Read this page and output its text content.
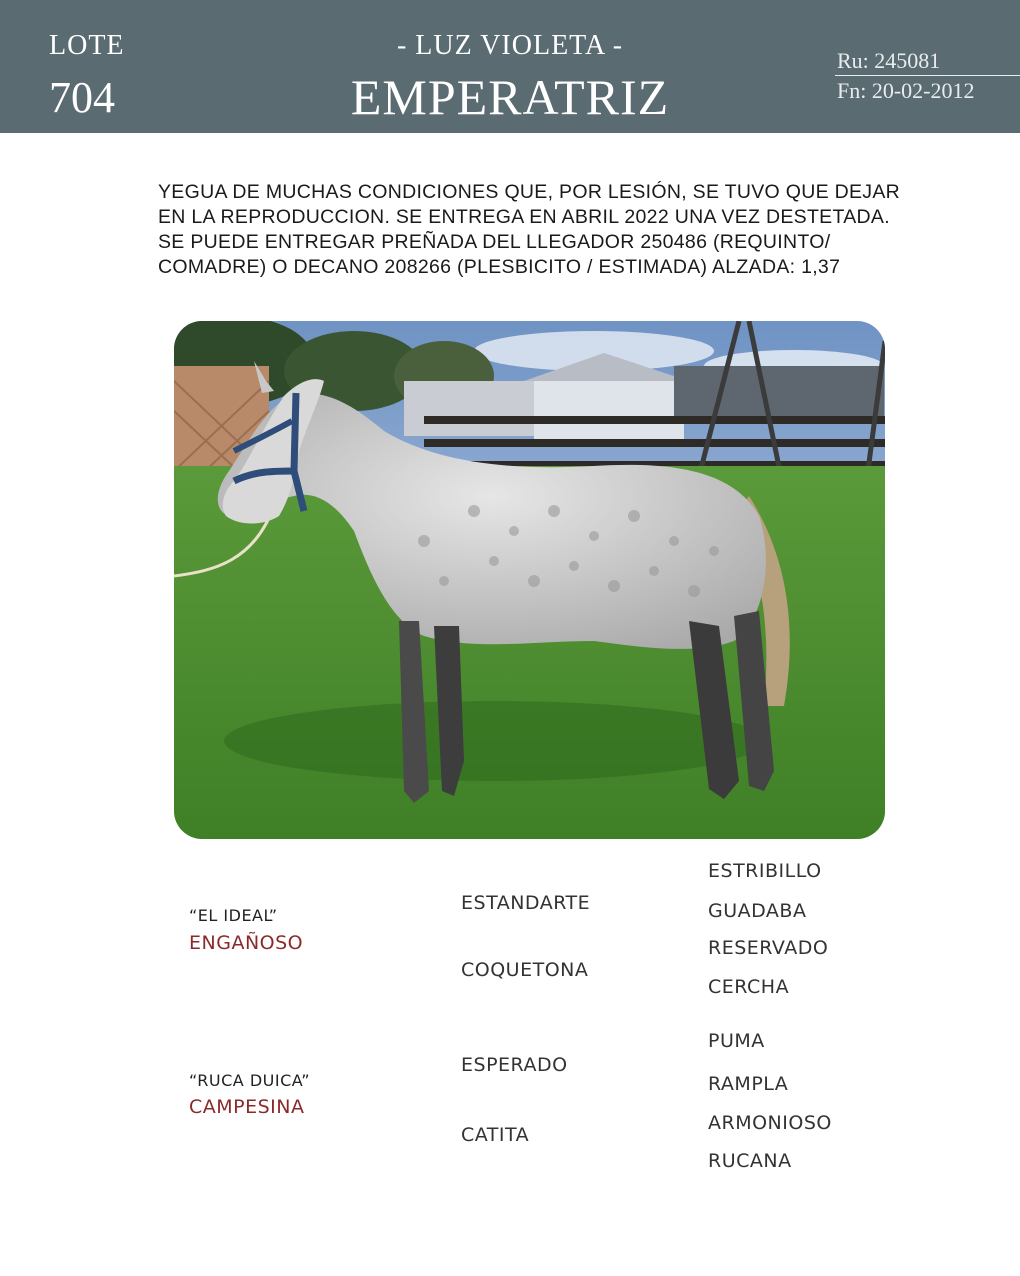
LOTE
704
- LUZ VIOLETA -
EMPERATRIZ
Ru: 245081
Fn: 20-02-2012
YEGUA DE MUCHAS CONDICIONES QUE, POR LESIÓN, SE TUVO QUE DEJAR EN LA REPRODUCCION. SE ENTREGA EN ABRIL 2022 UNA VEZ DESTETADA. SE PUEDE ENTREGAR PREÑADA DEL LLEGADOR 250486 (REQUINTO/ COMADRE) O DECANO 208266 (PLESBICITO / ESTIMADA) ALZADA: 1,37
“EL IDEAL”
ENGAÑOSO
ESTANDARTE
COQUETONA
ESTRIBILLO
GUADABA
RESERVADO
CERCHA
“RUCA DUICA”
CAMPESINA
ESPERADO
CATITA
PUMA
RAMPLA
ARMONIOSO
RUCANA
